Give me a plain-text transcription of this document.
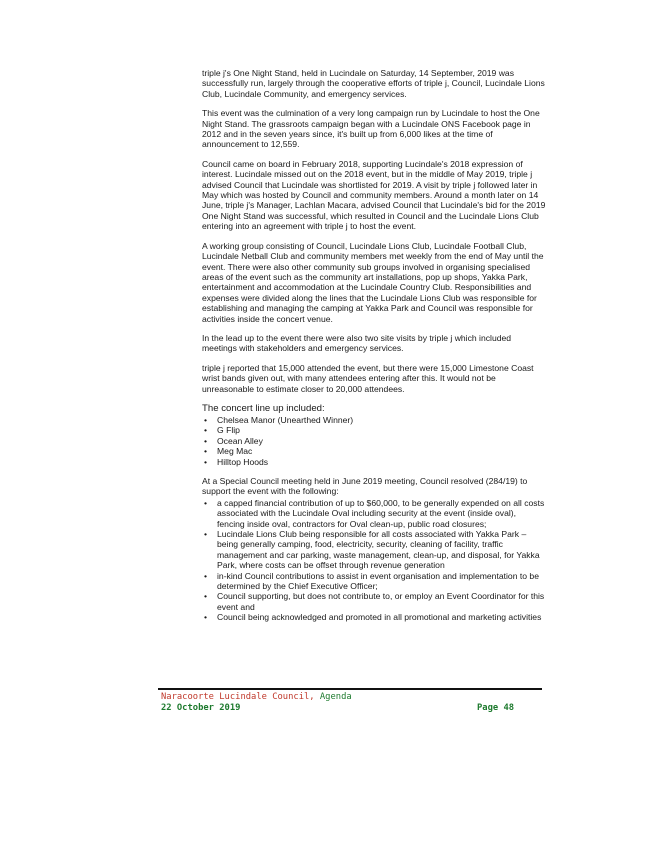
triple j's One Night Stand, held in Lucindale on Saturday, 14 September, 2019 was successfully run, largely through the cooperative efforts of triple j, Council, Lucindale Lions Club, Lucindale Community, and emergency services.

This event was the culmination of a very long campaign run by Lucindale to host the One Night Stand. The grassroots campaign began with a Lucindale ONS Facebook page in 2012 and in the seven years since, it's built up from 6,000 likes at the time of announcement to 12,559.

Council came on board in February 2018, supporting Lucindale's 2018 expression of interest. Lucindale missed out on the 2018 event, but in the middle of May 2019, triple j advised Council that Lucindale was shortlisted for 2019. A visit by triple j followed later in May which was hosted by Council and community members. Around a month later on 14 June, triple j's Manager, Lachlan Macara, advised Council that Lucindale's bid for the 2019 One Night Stand was successful, which resulted in Council and the Lucindale Lions Club entering into an agreement with triple j to host the event.

A working group consisting of Council, Lucindale Lions Club, Lucindale Football Club, Lucindale Netball Club and community members met weekly from the end of May until the event. There were also other community sub groups involved in organising specialised areas of the event such as the community art installations, pop up shops, Yakka Park, entertainment and accommodation at the Lucindale Country Club. Responsibilities and expenses were divided along the lines that the Lucindale Lions Club was responsible for establishing and managing the camping at Yakka Park and Council was responsible for activities inside the concert venue.

In the lead up to the event there were also two site visits by triple j which included meetings with stakeholders and emergency services.

triple j reported that 15,000 attended the event, but there were 15,000 Limestone Coast wrist bands given out, with many attendees entering after this. It would not be unreasonable to estimate closer to 20,000 attendees.

The concert line up included:
• Chelsea Manor (Unearthed Winner)
• G Flip
• Ocean Alley
• Meg Mac
• Hilltop Hoods

At a Special Council meeting held in June 2019 meeting, Council resolved (284/19) to support the event with the following:

• a capped financial contribution of up to $60,000, to be generally expended on all costs associated with the Lucindale Oval including security at the event (inside oval), fencing inside oval, contractors for Oval clean-up, public road closures;
• Lucindale Lions Club being responsible for all costs associated with Yakka Park – being generally camping, food, electricity, security, cleaning of facility, traffic management and car parking, waste management, clean-up, and disposal, for Yakka Park, where costs can be offset through revenue generation
• in-kind Council contributions to assist in event organisation and implementation to be determined by the Chief Executive Officer;
• Council supporting, but does not contribute to, or employ an Event Coordinator for this event and
• Council being acknowledged and promoted in all promotional and marketing activities
Naracoorte Lucindale Council, Agenda
22 October 2019	Page 48
